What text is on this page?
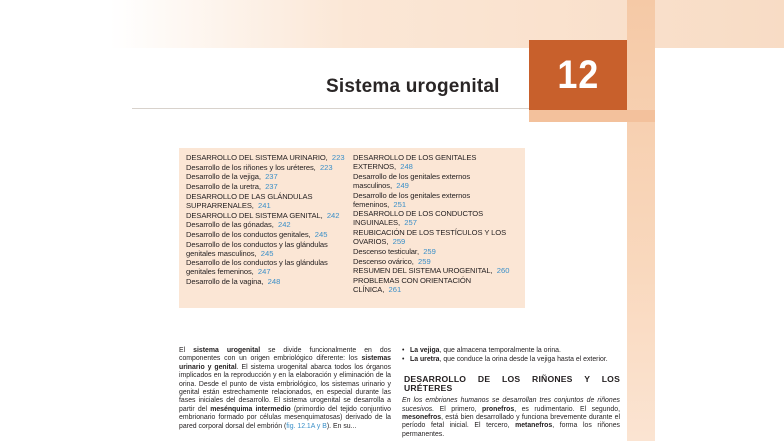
12
Sistema urogenital
DESARROLLO DEL SISTEMA URINARIO, 223
Desarrollo de los riñones y los uréteres, 223
Desarrollo de la vejiga, 237
Desarrollo de la uretra, 237
DESARROLLO DE LAS GLÁNDULAS SUPRARRENALES, 241
DESARROLLO DEL SISTEMA GENITAL, 242
Desarrollo de las gónadas, 242
Desarrollo de los conductos genitales, 245
Desarrollo de los conductos y las glándulas genitales masculinos, 245
Desarrollo de los conductos y las glándulas genitales femeninos, 247
Desarrollo de la vagina, 248
DESARROLLO DE LOS GENITALES EXTERNOS, 248
Desarrollo de los genitales externos masculinos, 249
Desarrollo de los genitales externos femeninos, 251
DESARROLLO DE LOS CONDUCTOS INGUINALES, 257
REUBICACIÓN DE LOS TESTÍCULOS Y LOS OVARIOS, 259
Descenso testicular, 259
Descenso ovárico, 259
RESUMEN DEL SISTEMA UROGENITAL, 260
PROBLEMAS CON ORIENTACIÓN CLÍNICA, 261

El sistema urogenital se divide funcionalmente en dos componentes con un origen embriológico diferente: los sistemas urinario y genital. El sistema urogenital abarca todos los órganos implicados en la reproducción y en la elaboración y eliminación de la orina. Desde el punto de vista embriológico, los sistemas urinario y genital están estrechamente relacionados, en especial durante las fases iniciales del desarrollo. El sistema urogenital se desarrolla a partir del mesénquima intermedio (primordio del tejido conjuntivo embrionario formado por células mesenquimatosas) derivado de la pared corporal dorsal del embrión (fig. 12.1A y B). En su...

• La vejiga, que almacena temporalmente la orina.
• La uretra, que conduce la orina desde la vejiga hasta el exterior.
DESARROLLO DE LOS RIÑONES Y LOS URÉTERES

En los embriones humanos se desarrollan tres conjuntos de riñones sucesivos. El primero, pronefros, es rudimentario. El segundo, mesonefros, está bien desarrollado y funciona brevemente durante el período fetal inicial. El tercero, metanefros, forma los riñones permanentes.
